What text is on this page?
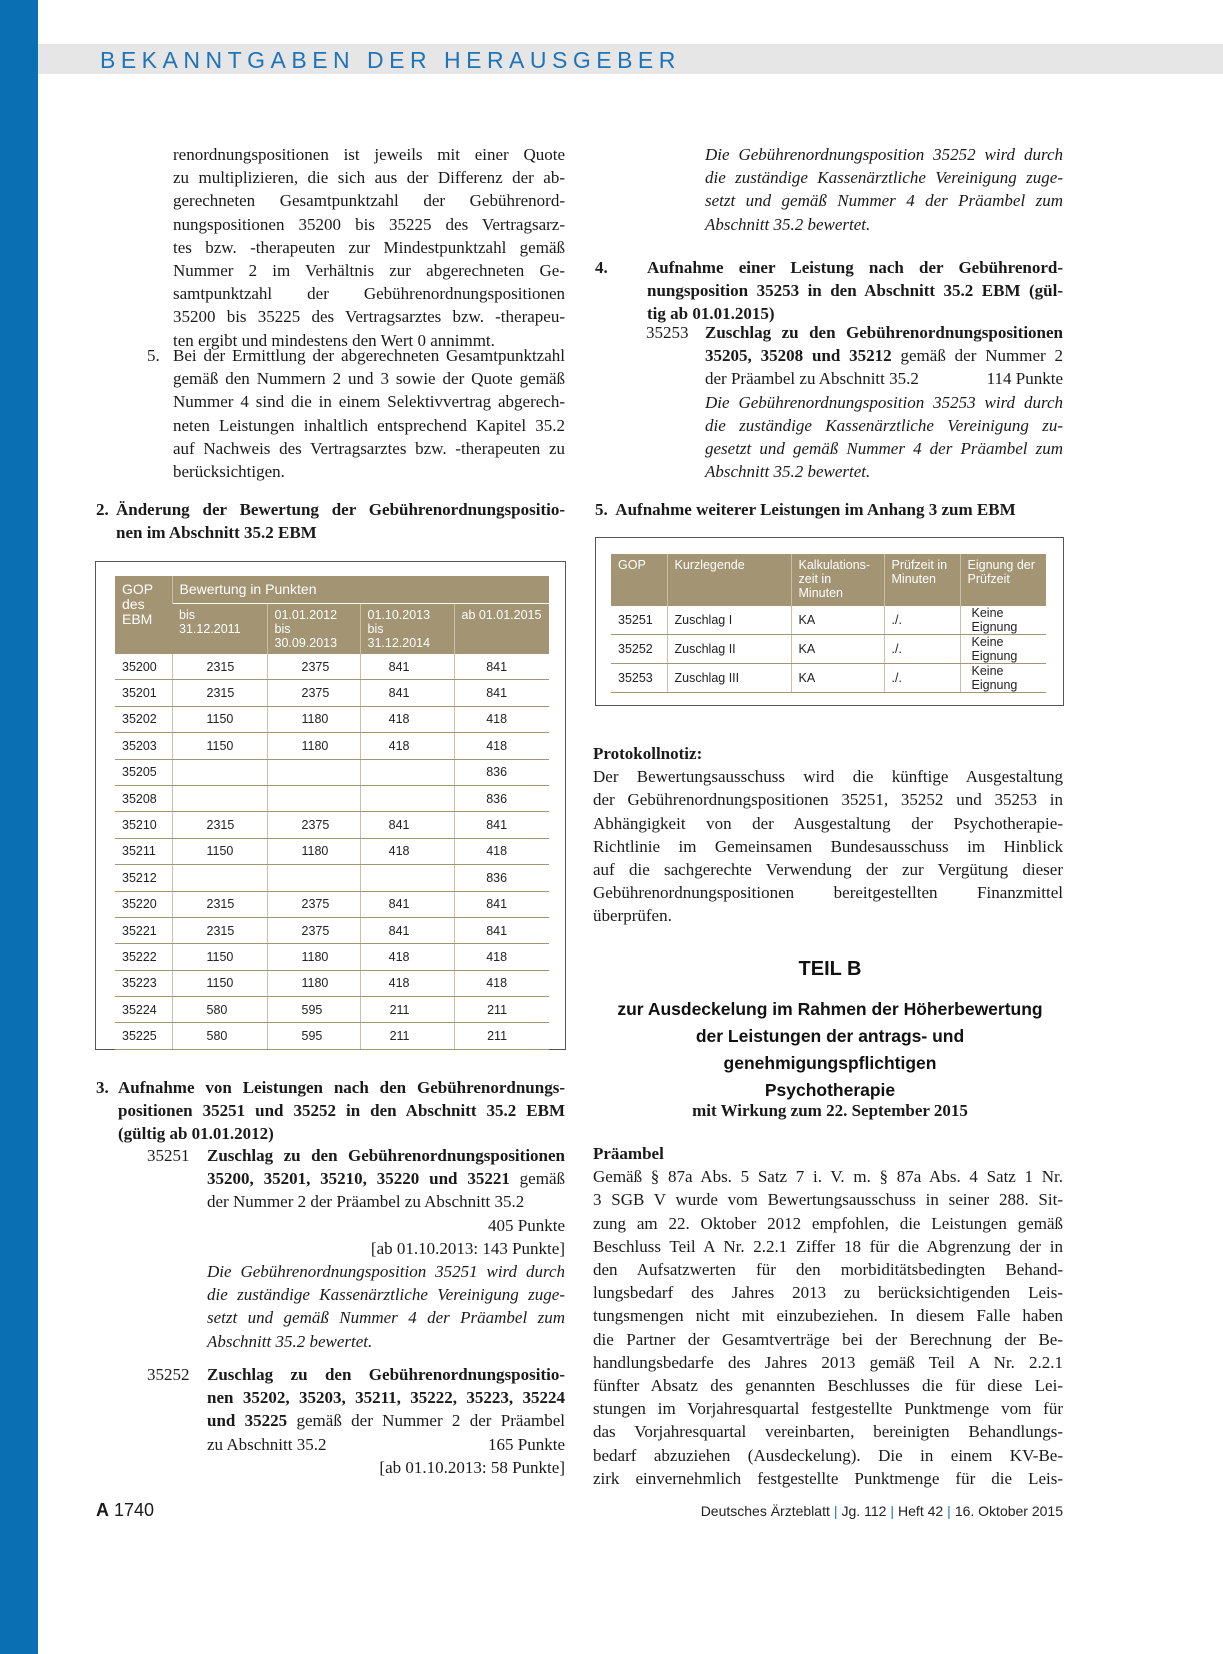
BEKANNTGABEN DER HERAUSGEBER
renordnungspositionen ist jeweils mit einer Quote
zu multiplizieren, die sich aus der Differenz der ab-
gerechneten Gesamtpunktzahl der Gebührenord-
nungspositionen 35200 bis 35225 des Vertragsarz-
tes bzw. -therapeuten zur Mindestpunktzahl gemäß
Nummer 2 im Verhältnis zur abgerechneten Ge-
samtpunktzahl der Gebührenordnungspositionen
35200 bis 35225 des Vertragsarztes bzw. -therapeu-
ten ergibt und mindestens den Wert 0 annimmt.
5. Bei der Ermittlung der abgerechneten Gesamtpunktzahl
gemäß den Nummern 2 und 3 sowie der Quote gemäß
Nummer 4 sind die in einem Selektivvertrag abgerech-
neten Leistungen inhaltlich entsprechend Kapitel 35.2
auf Nachweis des Vertragsarztes bzw. -therapeuten zu
berücksichtigen.
2. Änderung der Bewertung der Gebührenordnungspositio-
nen im Abschnitt 35.2 EBM
GOP des EBM	Bewertung in Punkten			
	bis 31.12.2011	01.01.2012 bis 30.09.2013	01.10.2013 bis 31.12.2014	ab 01.01.2015
35200	2315	2375	841	841
35201	2315	2375	841	841
35202	1150	1180	418	418
35203	1150	1180	418	418
35205				836
35208				836
35210	2315	2375	841	841
35211	1150	1180	418	418
35212				836
35220	2315	2375	841	841
35221	2315	2375	841	841
35222	1150	1180	418	418
35223	1150	1180	418	418
35224	580	595	211	211
35225	580	595	211	211
3. Aufnahme von Leistungen nach den Gebührenordnungs-
positionen 35251 und 35252 in den Abschnitt 35.2 EBM
(gültig ab 01.01.2012)
35251 Zuschlag zu den Gebührenordnungspositionen
35200, 35201, 35210, 35220 und 35221 gemäß
der Nummer 2 der Präambel zu Abschnitt 35.2
405 Punkte
[ab 01.10.2013: 143 Punkte]
Die Gebührenordnungsposition 35251 wird durch
die zuständige Kassenärztliche Vereinigung zuge-
setzt und gemäß Nummer 4 der Präambel zum
Abschnitt 35.2 bewertet.
35252 Zuschlag zu den Gebührenordnungspositio-
nen 35202, 35203, 35211, 35222, 35223, 35224
und 35225 gemäß der Nummer 2 der Präambel
zu Abschnitt 35.2	165 Punkte
[ab 01.10.2013: 58 Punkte]
Die Gebührenordnungsposition 35252 wird durch
die zuständige Kassenärztliche Vereinigung zuge-
setzt und gemäß Nummer 4 der Präambel zum
Abschnitt 35.2 bewertet.
4. Aufnahme einer Leistung nach der Gebührenord-
nungsposition 35253 in den Abschnitt 35.2 EBM (gül-
tig ab 01.01.2015)
35253 Zuschlag zu den Gebührenordnungspositionen
35205, 35208 und 35212 gemäß der Nummer 2
der Präambel zu Abschnitt 35.2	114 Punkte
Die Gebührenordnungsposition 35253 wird durch
die zuständige Kassenärztliche Vereinigung zu-
gesetzt und gemäß Nummer 4 der Präambel zum
Abschnitt 35.2 bewertet.
5.  Aufnahme weiterer Leistungen im Anhang 3 zum EBM
GOP	Kurzlegende	Kalkulations-zeit in Minuten	Prüfzeit in Minuten	Eignung der Prüfzeit
35251	Zuschlag I	KA	./.	Keine Eignung
35252	Zuschlag II	KA	./.	Keine Eignung
35253	Zuschlag III	KA	./.	Keine Eignung
Protokollnotiz:
Der Bewertungsausschuss wird die künftige Ausgestaltung
der Gebührenordnungspositionen 35251, 35252 und 35253 in
Abhängigkeit von der Ausgestaltung der Psychotherapie-
Richtlinie im Gemeinsamen Bundesausschuss im Hinblick
auf die sachgerechte Verwendung der zur Vergütung dieser
Gebührenordnungspositionen bereitgestellten Finanzmittel
überprüfen.
TEIL B
zur Ausdeckelung im Rahmen der Höherbewertung
der Leistungen der antrags- und genehmigungspflichtigen
Psychotherapie
mit Wirkung zum 22. September 2015
Präambel
Gemäß § 87a Abs. 5 Satz 7 i. V. m. § 87a Abs. 4 Satz 1 Nr.
3 SGB V wurde vom Bewertungsausschuss in seiner 288. Sit-
zung am 22. Oktober 2012 empfohlen, die Leistungen gemäß
Beschluss Teil A Nr. 2.2.1 Ziffer 18 für die Abgrenzung der in
den Aufsatzwerten für den morbiditätsbedingten Behand-
lungsbedarf des Jahres 2013 zu berücksichtigenden Leis-
tungsmengen nicht mit einzubeziehen. In diesem Falle haben
die Partner der Gesamtverträge bei der Berechnung der Be-
handlungsbedarfe des Jahres 2013 gemäß Teil A Nr. 2.2.1
fünfter Absatz des genannten Beschlusses die für diese Lei-
stungen im Vorjahresquartal festgestellte Punktmenge vom für
das Vorjahresquartal vereinbarten, bereinigten Behandlungs-
bedarf abzuziehen (Ausdeckelung). Die in einem KV-Be-
zirk einvernehmlich festgestellte Punktmenge für die Leis-
A 1740	Deutsches Ärzteblatt | Jg. 112 | Heft 42 | 16. Oktober 2015
